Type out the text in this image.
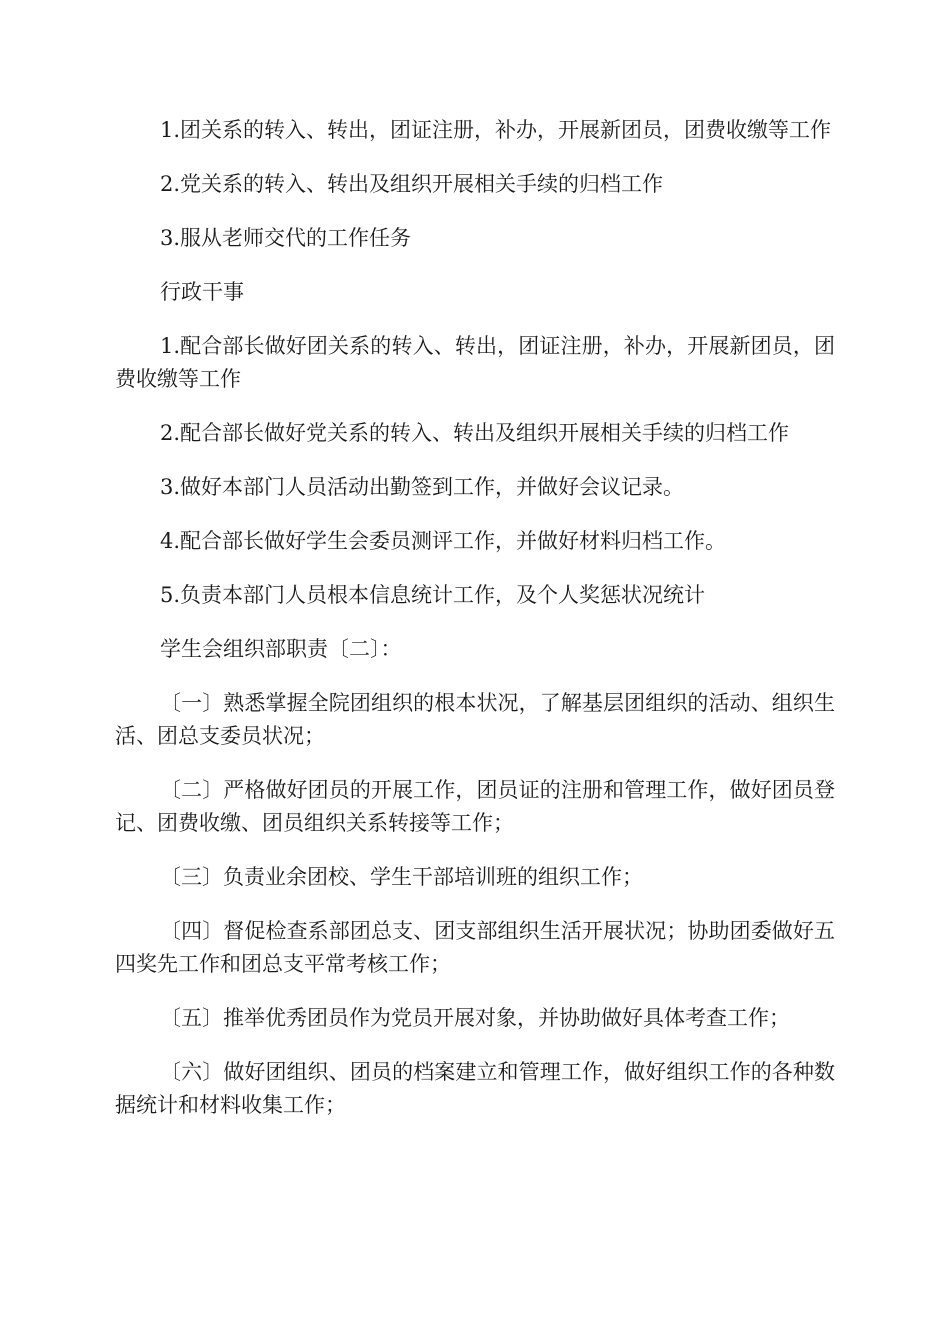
1.团关系的转入、转出，团证注册，补办，开展新团员，团费收缴等工作

2.党关系的转入、转出及组织开展相关手续的归档工作

3.服从老师交代的工作任务

行政干事

1.配合部长做好团关系的转入、转出，团证注册，补办，开展新团员，团费收缴等工作

2.配合部长做好党关系的转入、转出及组织开展相关手续的归档工作

3.做好本部门人员活动出勤签到工作，并做好会议记录。

4.配合部长做好学生会委员测评工作，并做好材料归档工作。

5.负责本部门人员根本信息统计工作，及个人奖惩状况统计

学生会组织部职责〔二〕：

〔一〕熟悉掌握全院团组织的根本状况，了解基层团组织的活动、组织生活、团总支委员状况；

〔二〕严格做好团员的开展工作，团员证的注册和管理工作，做好团员登记、团费收缴、团员组织关系转接等工作；

〔三〕负责业余团校、学生干部培训班的组织工作；

〔四〕督促检查系部团总支、团支部组织生活开展状况；协助团委做好五四奖先工作和团总支平常考核工作；

〔五〕推举优秀团员作为党员开展对象，并协助做好具体考查工作；

〔六〕做好团组织、团员的档案建立和管理工作，做好组织工作的各种数据统计和材料收集工作；
